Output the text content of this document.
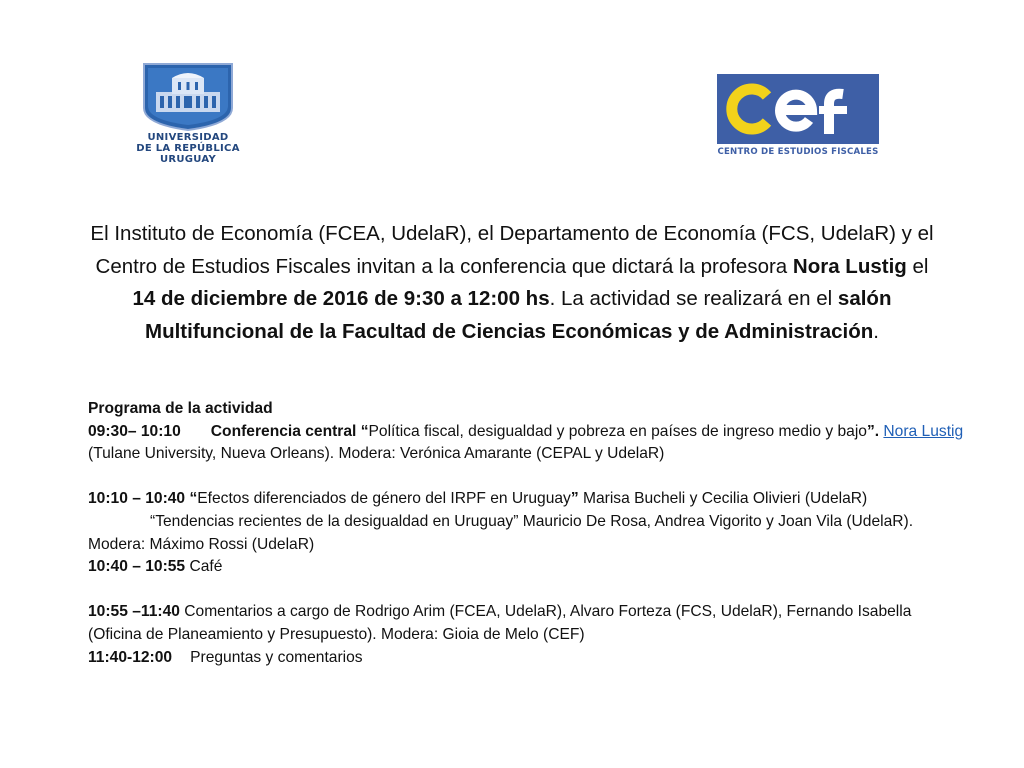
UNIVERSIDAD
DE LA REPÚBLICA
URUGUAY
CENTRO DE ESTUDIOS FISCALES
El Instituto de Economía (FCEA, UdelaR), el Departamento de Economía (FCS, UdelaR) y el Centro de Estudios Fiscales invitan a la conferencia que dictará la profesora Nora Lustig el 14 de diciembre de 2016 de 9:30 a 12:00 hs. La actividad se realizará en el salón Multifuncional de la Facultad de Ciencias Económicas y de Administración.
Programa de la actividad
09:30– 10:10 Conferencia central “Política fiscal, desigualdad y pobreza en países de ingreso medio y bajo”. Nora Lustig (Tulane University, Nueva Orleans). Modera: Verónica Amarante (CEPAL y UdelaR)
10:10 – 10:40 “Efectos diferenciados de género del IRPF en Uruguay” Marisa Bucheli y Cecilia Olivieri (UdelaR)
“Tendencias recientes de la desigualdad en Uruguay” Mauricio De Rosa, Andrea Vigorito y Joan Vila (UdelaR). Modera: Máximo Rossi (UdelaR)
10:40 – 10:55 Café
10:55 –11:40 Comentarios a cargo de Rodrigo Arim (FCEA, UdelaR), Alvaro Forteza (FCS, UdelaR), Fernando Isabella (Oficina de Planeamiento y Presupuesto). Modera: Gioia de Melo (CEF)
11:40-12:00 Preguntas y comentarios
